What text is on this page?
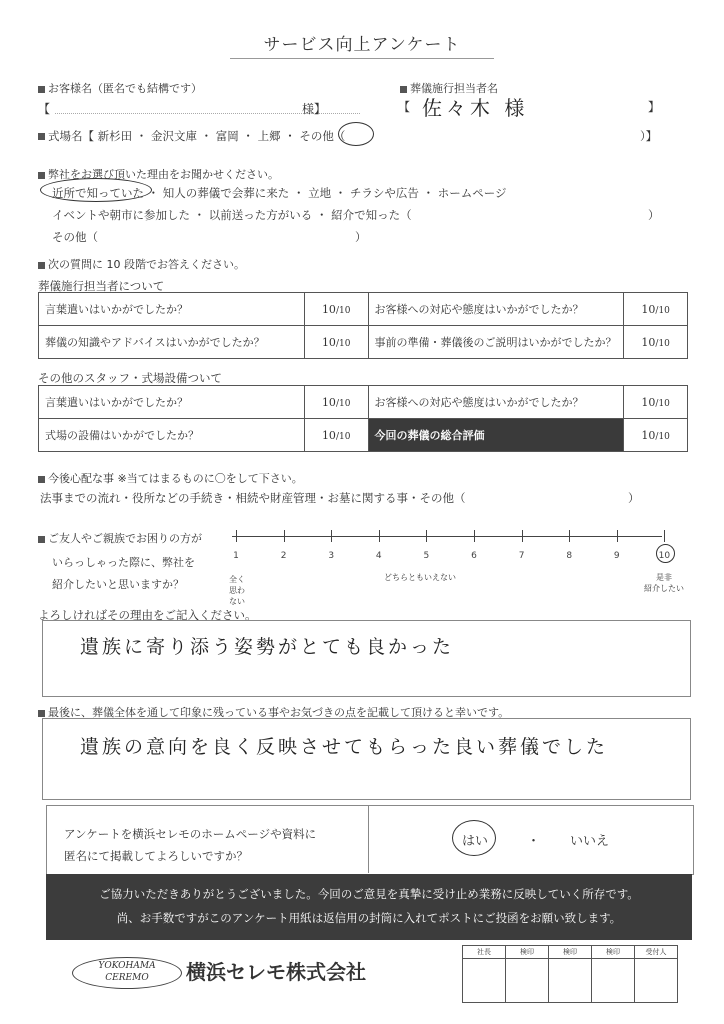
サービス向上アンケート
お客様名（匿名でも結構です）
【	様】
葬儀施行担当者名
【 佐々木 様	】
式場名【 新杉田 ・ 金沢文庫 ・ 富岡 ・ 上郷 ・ その他（	）】
弊社をお選び頂いた理由をお聞かせください。
近所で知っていた ・ 知人の葬儀で会葬に来た ・ 立地 ・ チラシや広告 ・ ホームページ
イベントや朝市に参加した ・ 以前送った方がいる ・ 紹介で知った（	）
その他（	）
次の質問に 10 段階でお答えください。
葬儀施行担当者について
言葉遣いはいかがでしたか？	10/10	お客様への対応や態度はいかがでしたか？	10/10
葬儀の知識やアドバイスはいかがでしたか？	10/10	事前の準備・葬儀後のご説明はいかがでしたか？	10/10
その他のスタッフ・式場設備ついて
言葉遣いはいかがでしたか？	10/10	お客様への対応や態度はいかがでしたか？	10/10
式場の設備はいかがでしたか？	10/10	今回の葬儀の総合評価	10/10
今後心配な事 ※当てはまるものに〇をして下さい。
法事までの流れ・役所などの手続き・相続や財産管理・お墓に関する事・その他（	）
ご友人やご親族でお困りの方が
いらっしゃった際に、弊社を
紹介したいと思いますか？
1	2	3	4	5	6	7	8	9	10
全く
思わない
どちらともいえない	是非
紹介したい
よろしければその理由をご記入ください。
遺族に寄り添う姿勢がとても良かった
最後に、葬儀全体を通して印象に残っている事やお気づきの点を記載して頂けると幸いです。
遺族の意向を良く反映させてもらった良い葬儀でした
アンケートを横浜セレモのホームページや資料に
匿名にて掲載してよろしいですか？
はい	・ いいえ
ご協力いただきありがとうございました。今回のご意見を真摯に受け止め業務に反映していく所存です。
尚、お手数ですがこのアンケート用紙は返信用の封筒に入れてポストにご投函をお願い致します。
YOKOHAMA
CEREMO	横浜セレモ株式会社
社長	検印	検印	検印	受付人
